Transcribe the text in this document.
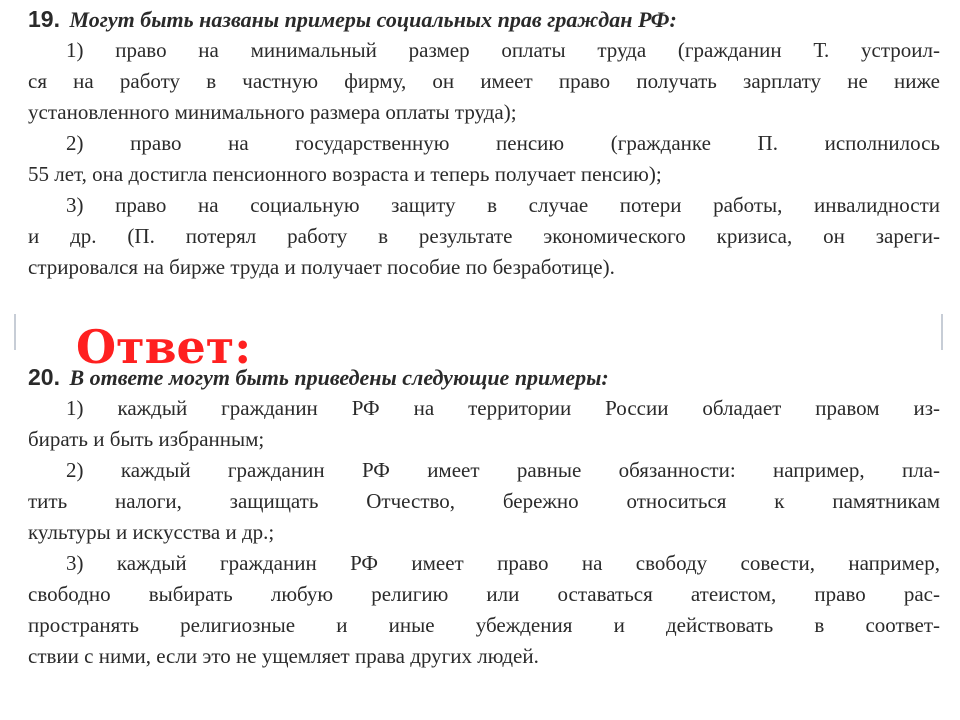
19. Могут быть названы примеры социальных прав граждан РФ:

1) право на минимальный размер оплаты труда (гражданин Т. устроил-
ся на работу в частную фирму, он имеет право получать зарплату не ниже
установленного минимального размера оплаты труда);

2) право на государственную пенсию (гражданке П. исполнилось
55 лет, она достигла пенсионного возраста и теперь получает пенсию);

3) право на социальную защиту в случае потери работы, инвалидности
и др. (П. потерял работу в результате экономического кризиса, он зареги-
стрировался на бирже труда и получает пособие по безработице).

Ответ:
20. В ответе могут быть приведены следующие примеры:

1) каждый гражданин РФ на территории России обладает правом из-
бирать и быть избранным;

2) каждый гражданин РФ имеет равные обязанности: например, пла-
тить налоги, защищать Отчество, бережно относиться к памятникам
культуры и искусства и др.;

3) каждый гражданин РФ имеет право на свободу совести, например,
свободно выбирать любую религию или оставаться атеистом, право рас-
пространять религиозные и иные убеждения и действовать в соответ-
ствии с ними, если это не ущемляет права других людей.
